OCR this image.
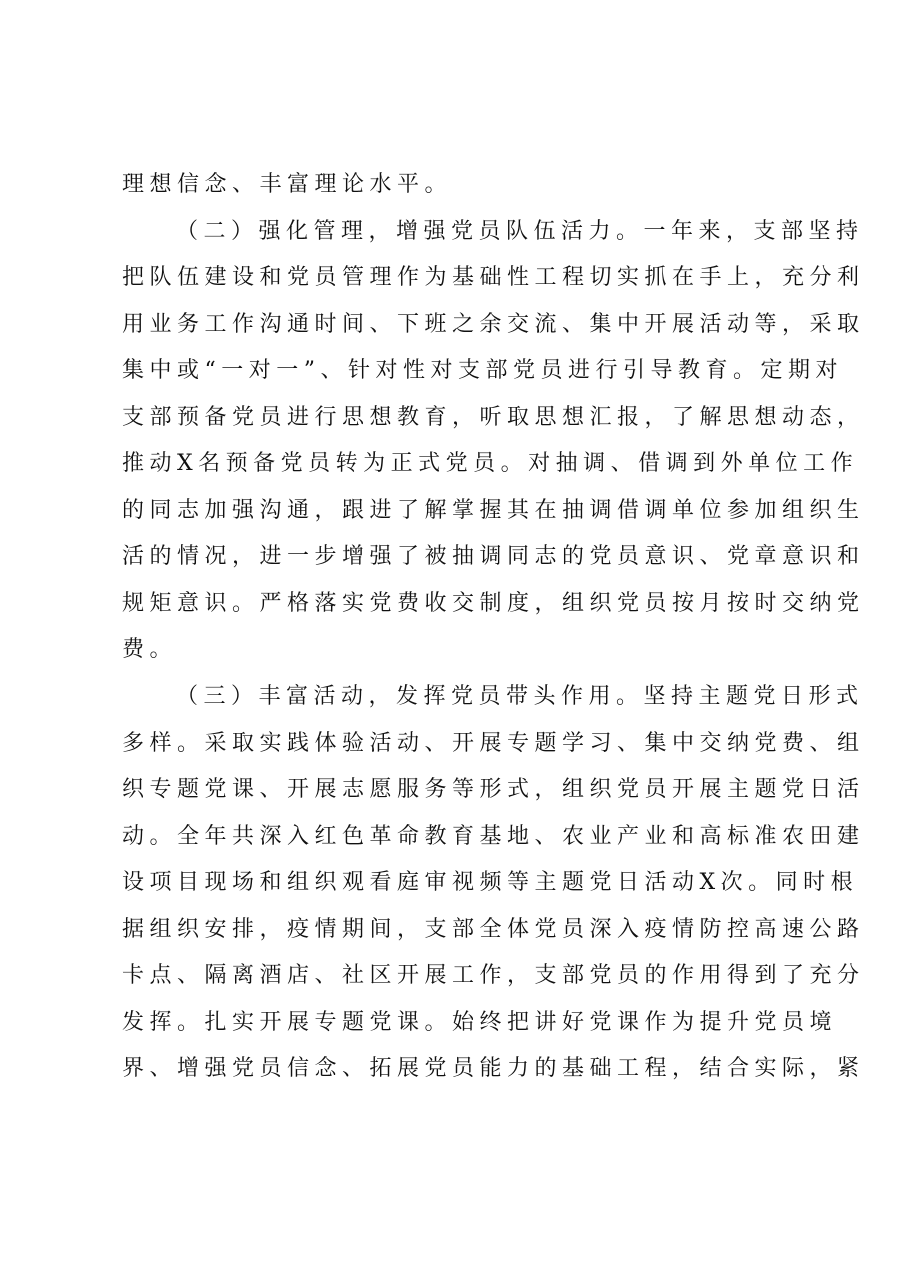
理想信念、丰富理论水平。
（二）强化管理，增强党员队伍活力。一年来，支部坚持
把队伍建设和党员管理作为基础性工程切实抓在手上，充分利
用业务工作沟通时间、下班之余交流、集中开展活动等，采取
集中或“一对一”、针对性对支部党员进行引导教育。定期对
支部预备党员进行思想教育，听取思想汇报，了解思想动态，
推动X名预备党员转为正式党员。对抽调、借调到外单位工作
的同志加强沟通，跟进了解掌握其在抽调借调单位参加组织生
活的情况，进一步增强了被抽调同志的党员意识、党章意识和
规矩意识。严格落实党费收交制度，组织党员按月按时交纳党
费。
（三）丰富活动，发挥党员带头作用。坚持主题党日形式
多样。采取实践体验活动、开展专题学习、集中交纳党费、组
织专题党课、开展志愿服务等形式，组织党员开展主题党日活
动。全年共深入红色革命教育基地、农业产业和高标准农田建
设项目现场和组织观看庭审视频等主题党日活动X次。同时根
据组织安排，疫情期间，支部全体党员深入疫情防控高速公路
卡点、隔离酒店、社区开展工作，支部党员的作用得到了充分
发挥。扎实开展专题党课。始终把讲好党课作为提升党员境
界、增强党员信念、拓展党员能力的基础工程，结合实际，紧
